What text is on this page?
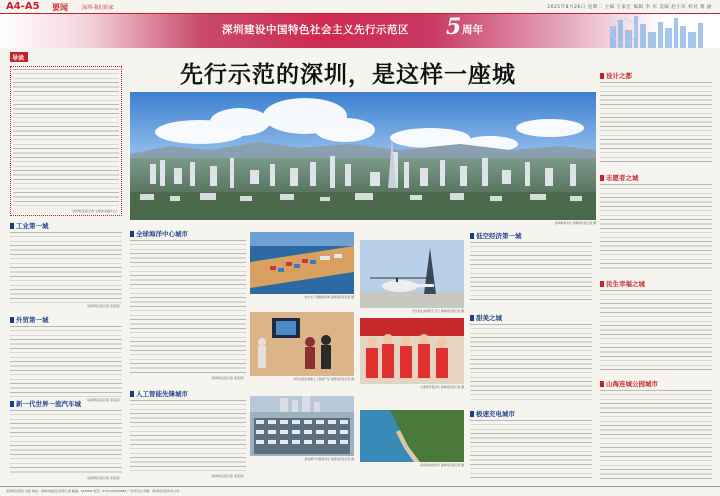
A4-A5 要闻	深圳·我们的家	2025年8月26日 星期二 主编 王家宏 编辑 李 军 美编 赵小军 校对 黎 丽
深圳建设中国特色社会主义先行示范区 5 周年
导读
先行示范的深圳，是这样一座城
（深圳特区报记者 全媒体采编中心）
工业第一城
（深圳特区报记者 某某某）
外贸第一城
（深圳特区报记者 某某某）
新一代世界一流汽车城
（深圳特区报记者 某某某）
深圳城市风光 深圳特区报记者 摄
全球海洋中心城市
（深圳特区报记者 某某某）
人工智能先锋城市
（深圳特区报记者 某某某）
蛇口太子湾邮轮母港 深圳特区报记者 摄
市民在展会体验人工智能产品 深圳特区报记者 摄
新能源汽车整装待发 深圳特区报记者 摄
直升机在深圳低空飞行 深圳特区报记者 摄
志愿者开展活动 深圳特区报记者 摄
深圳海岸线风光 深圳特区报记者 摄
低空经济第一城
甜美之城
极速充电城市
设计之都
志愿者之城
民生幸福之城
山海连城公园城市
深圳特区报社 出版 地址：深圳市福田区深南大道 邮编：518009 电话：0755-83518888 广告许可证 印刷：深圳特区报印务公司
